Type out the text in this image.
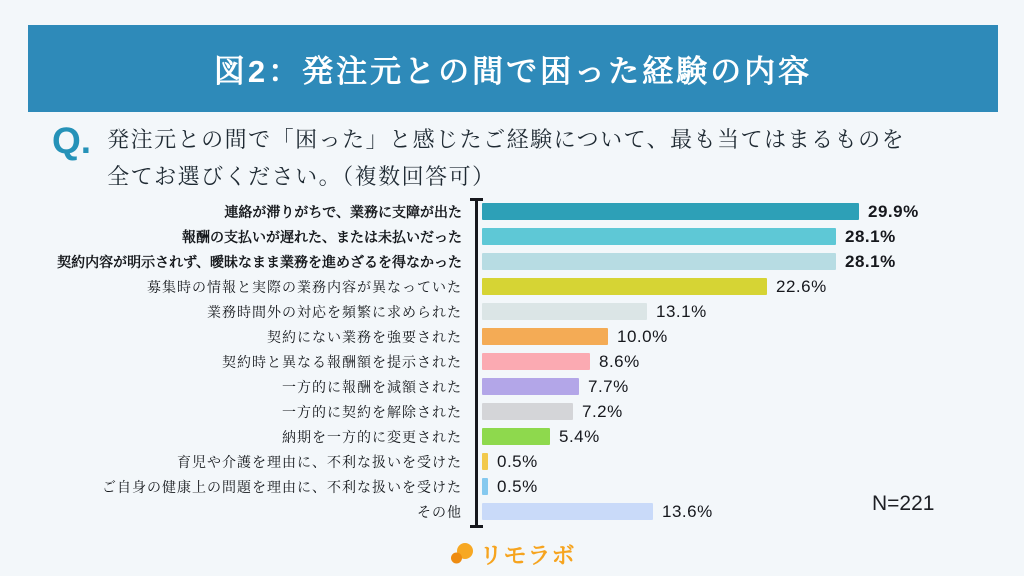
図2：発注元との間で困った経験の内容
Q. 発注元との間で「困った」と感じたご経験について、最も当てはまるものを
全てお選びください。（複数回答可）
連絡が滞りがちで、業務に支障が出た	29.9%
報酬の支払いが遅れた、または未払いだった	28.1%
契約内容が明示されず、曖昧なまま業務を進めざるを得なかった	28.1%
募集時の情報と実際の業務内容が異なっていた	22.6%
業務時間外の対応を頻繁に求められた	13.1%
契約にない業務を強要された	10.0%
契約時と異なる報酬額を提示された	8.6%
一方的に報酬を減額された	7.7%
一方的に契約を解除された	7.2%
納期を一方的に変更された	5.4%
育児や介護を理由に、不利な扱いを受けた	0.5%
ご自身の健康上の問題を理由に、不利な扱いを受けた	0.5%
その他	13.6%	N=221
リモラボ
